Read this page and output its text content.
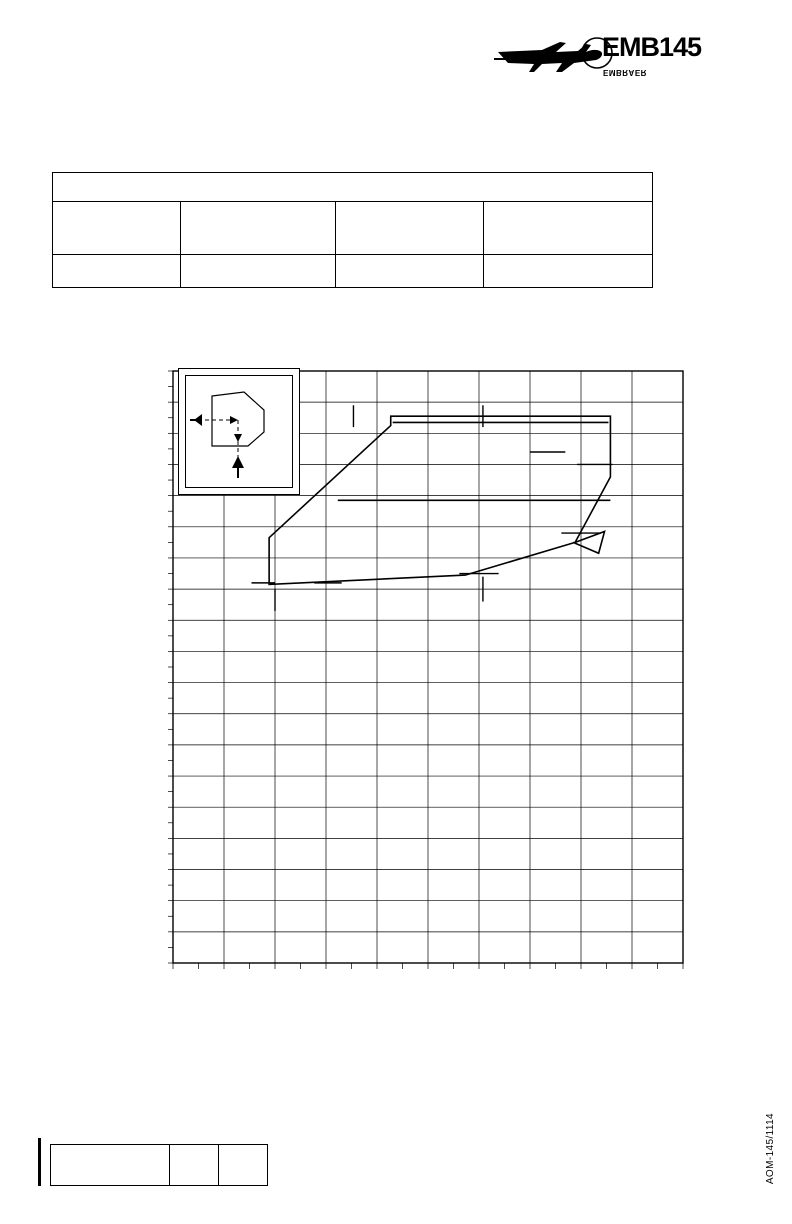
EMB145
EMBRAER

AOM-145/1114
